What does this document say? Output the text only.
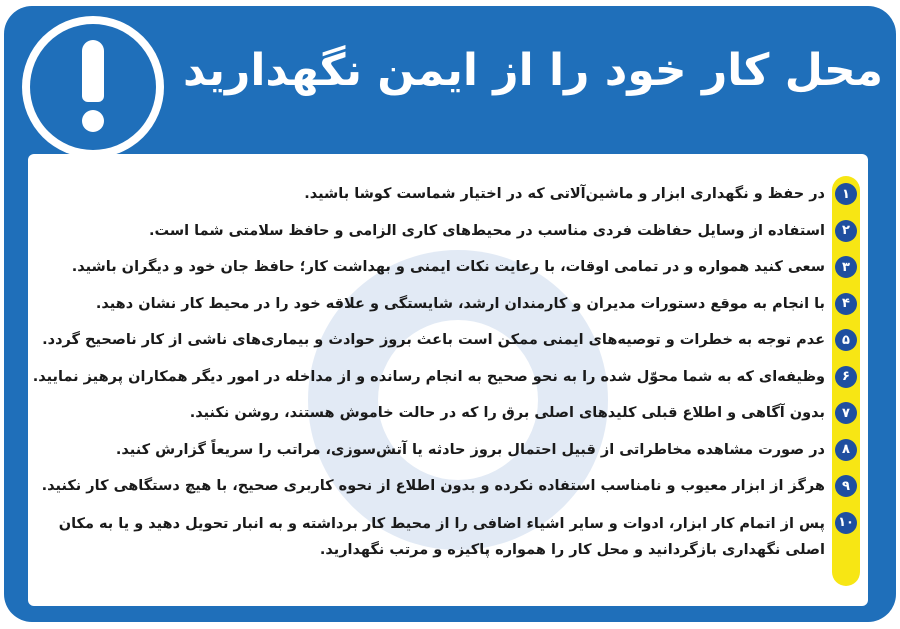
محل کار خود را از ایمن نگهدارید
۱
در حفظ و نگهداری ابزار و ماشین‌آلاتی که در اختیار شماست کوشا باشید.
۲
استفاده از وسایل حفاظت فردی مناسب در محیط‌های کاری الزامی و حافظ سلامتی شما است.
۳
سعی کنید همواره و در تمامی اوقات، با رعایت نکات ایمنی و بهداشت کار؛ حافظ جان خود و دیگران باشید.
۴
با انجام به موقع دستورات مدیران و کارمندان ارشد، شایستگی و علاقه خود را در محیط کار نشان دهید.
۵
عدم توجه به خطرات و توصیه‌های ایمنی ممکن است باعث بروز حوادث و بیماری‌های ناشی از کار ناصحیح گردد.
۶
وظیفه‌ای که به شما محوّل شده را به نحو صحیح به انجام رسانده و از مداخله در امور دیگر همکاران پرهیز نمایید.
۷
بدون آگاهی و اطلاع قبلی کلیدهای اصلی برق را که در حالت خاموش هستند، روشن نکنید.
۸
در صورت مشاهده مخاطراتی از قبیل احتمال بروز حادثه یا آتش‌سوزی، مراتب را سریعاً گزارش کنید.
۹
هرگز از ابزار معیوب و نامناسب استفاده نکرده و بدون اطلاع از نحوه کاربری صحیح، با هیچ دستگاهی کار نکنید.
۱۰
پس از اتمام کار ابزار، ادوات و سایر اشیاء اضافی را از محیط کار برداشته و به انبار تحویل دهید و یا به مکان اصلی نگهداری بازگردانید و محل کار را همواره پاکیزه و مرتب نگهدارید.
